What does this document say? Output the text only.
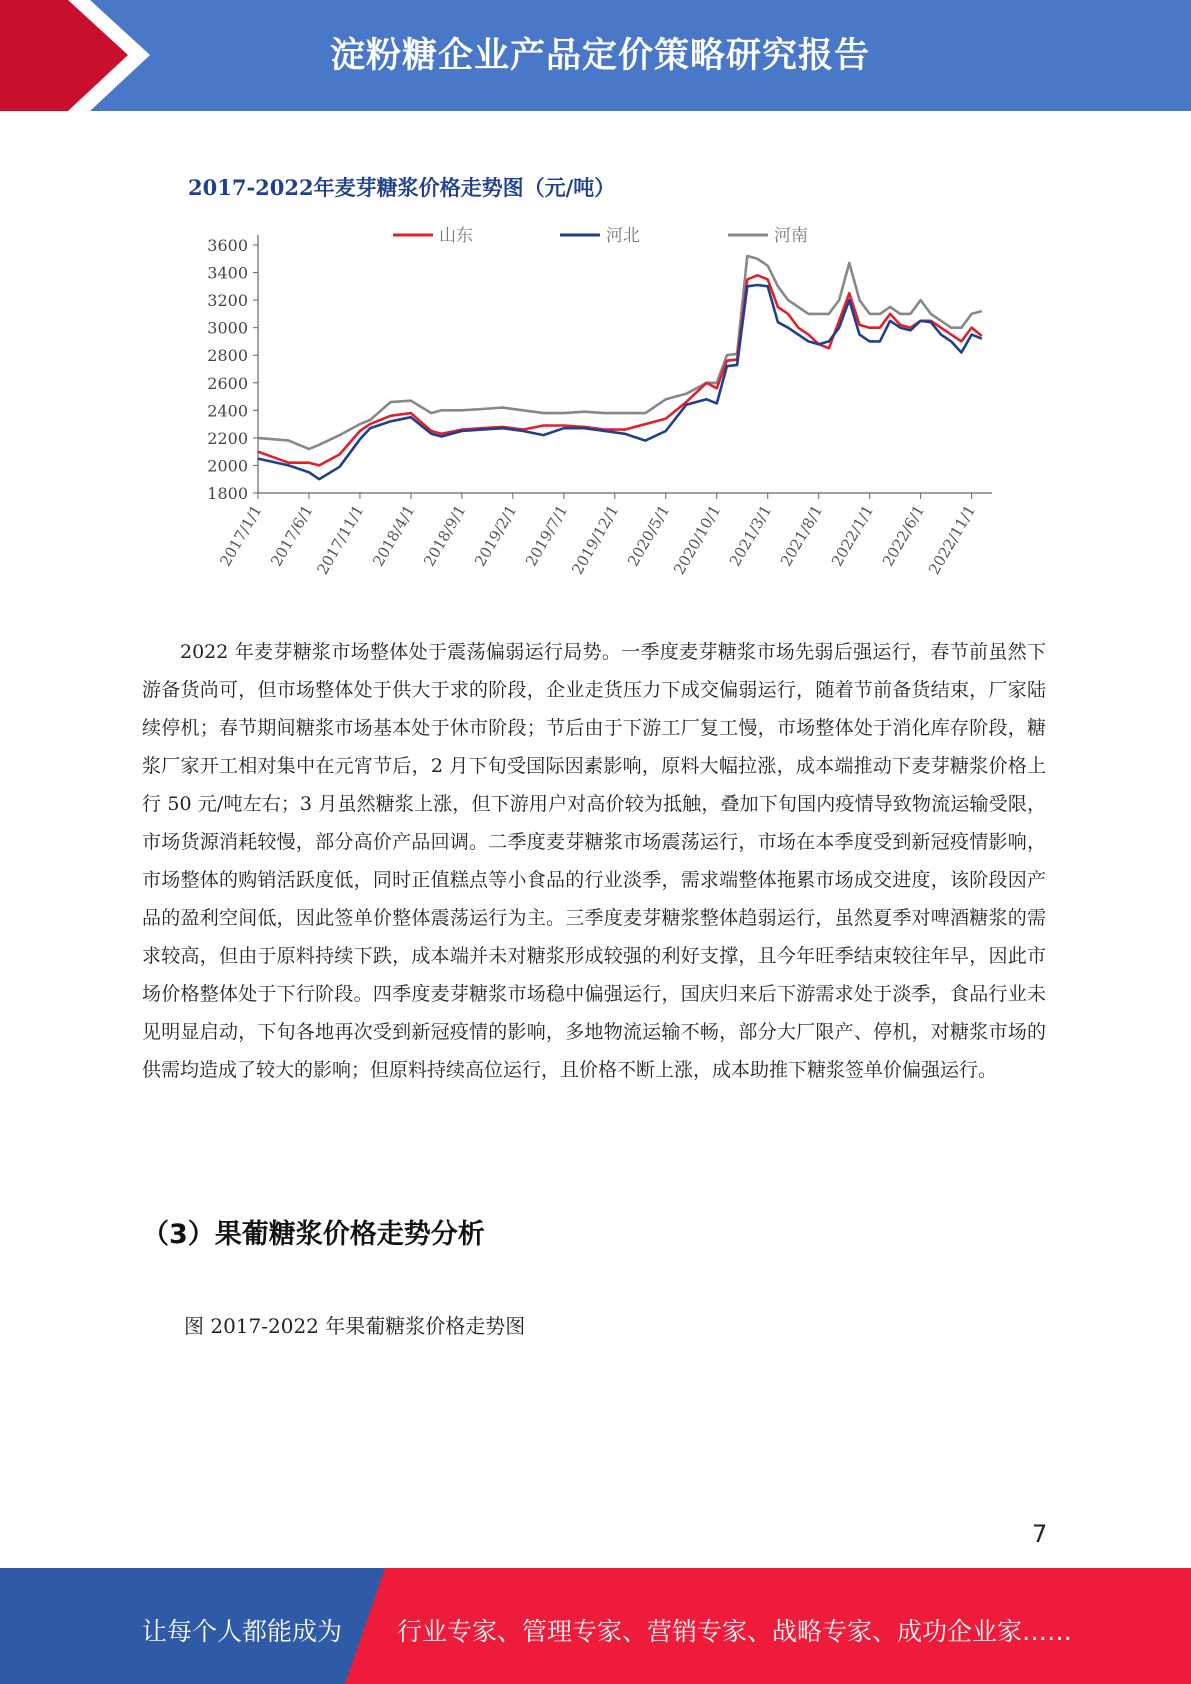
淀粉糖企业产品定价策略研究报告
2017-2022年麦芽糖浆价格走势图（元/吨）
山东	河北	河南
1800
2000
2200
2400
2600
2800
3000
3200
3400
3600
2017/1/1 2017/6/1
2017/11/1 2018/4/1 2018/9/1 2019/2/1 2019/7/1
2019/12/1 2020/5/1
2020/10/1 2021/3/1 2021/8/1 2022/1/1 2022/6/1
2022/11/1

2022 年麦芽糖浆市场整体处于震荡偏弱运行局势。一季度麦芽糖浆市场先弱后强运行，春节前虽然下游备货尚可，但市场整体处于供大于求的阶段，企业走货压力下成交偏弱运行，随着节前备货结束，厂家陆续停机；春节期间糖浆市场基本处于休市阶段；节后由于下游工厂复工慢，市场整体处于消化库存阶段，糖浆厂家开工相对集中在元宵节后，2 月下旬受国际因素影响，原料大幅拉涨，成本端推动下麦芽糖浆价格上行 50 元/吨左右；3 月虽然糖浆上涨，但下游用户对高价较为抵触，叠加下旬国内疫情导致物流运输受限，市场货源消耗较慢，部分高价产品回调。二季度麦芽糖浆市场震荡运行，市场在本季度受到新冠疫情影响，市场整体的购销活跃度低，同时正值糕点等小食品的行业淡季，需求端整体拖累市场成交进度，该阶段因产品的盈利空间低，因此签单价整体震荡运行为主。三季度麦芽糖浆整体趋弱运行，虽然夏季对啤酒糖浆的需求较高，但由于原料持续下跌，成本端并未对糖浆形成较强的利好支撑，且今年旺季结束较往年早，因此市场价格整体处于下行阶段。四季度麦芽糖浆市场稳中偏强运行，国庆归来后下游需求处于淡季，食品行业未见明显启动，下旬各地再次受到新冠疫情的影响，多地物流运输不畅，部分大厂限产、停机，对糖浆市场的供需均造成了较大的影响；但原料持续高位运行，且价格不断上涨，成本助推下糖浆签单价偏强运行。

（3）果葡糖浆价格走势分析
图 2017-2022 年果葡糖浆价格走势图
7
让每个人都能成为 行业专家、管理专家、营销专家、战略专家、成功企业家……
